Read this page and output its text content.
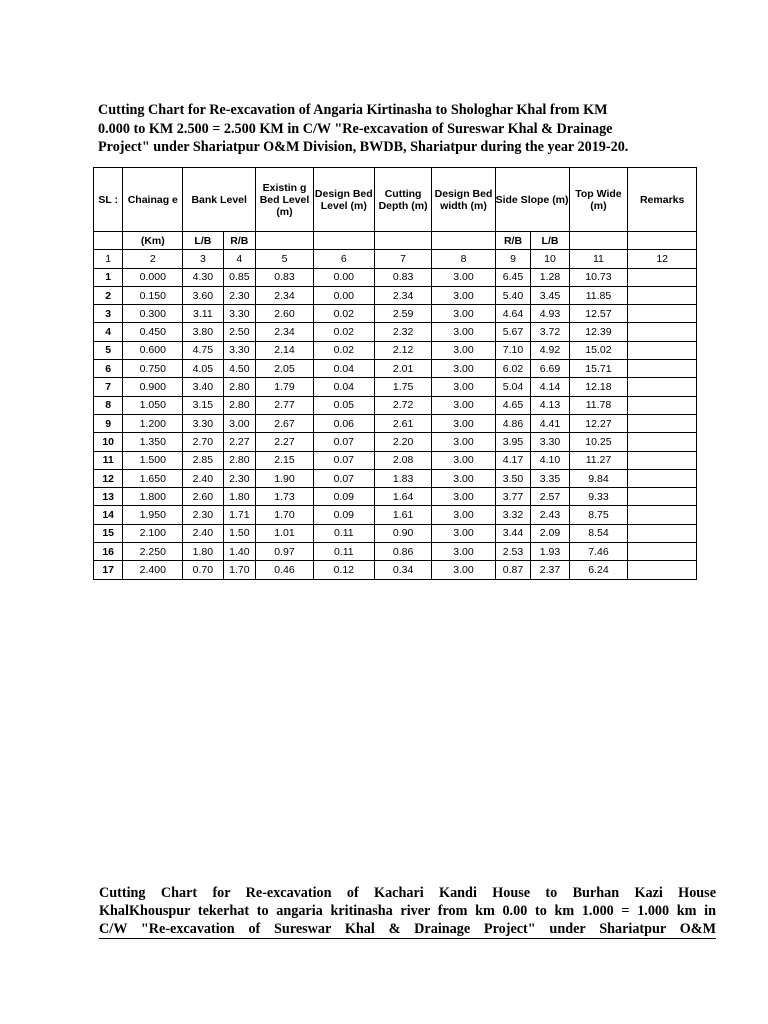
Cutting Chart for Re-excavation of Angaria Kirtinasha to Shologhar Khal from KM
0.000 to KM 2.500 = 2.500 KM in C/W "Re-excavation of Sureswar Khal & Drainage
Project" under Shariatpur O&M Division, BWDB, Shariatpur during the year 2019-20.
SL :	Chainag e	Bank Level		Existin g Bed Level (m)	Design Bed Level (m)	Cutting Depth (m)	Design Bed width (m)	Side Slope (m)		Top Wide (m)	Remarks
	(Km)	L/B	R/B					R/B	L/B		
1	2	3	4	5	6	7	8	9	10	11	12
1	0.000	4.30	0.85	0.83	0.00	0.83	3.00	6.45	1.28	10.73	
2	0.150	3.60	2.30	2.34	0.00	2.34	3.00	5.40	3.45	11.85	
3	0.300	3.11	3.30	2.60	0.02	2.59	3.00	4.64	4.93	12.57	
4	0.450	3.80	2.50	2.34	0.02	2.32	3.00	5.67	3.72	12.39	
5	0.600	4.75	3.30	2.14	0.02	2.12	3.00	7.10	4.92	15.02	
6	0.750	4.05	4.50	2.05	0.04	2.01	3.00	6.02	6.69	15.71	
7	0.900	3.40	2.80	1.79	0.04	1.75	3.00	5.04	4.14	12.18	
8	1.050	3.15	2.80	2.77	0.05	2.72	3.00	4.65	4.13	11.78	
9	1.200	3.30	3.00	2.67	0.06	2.61	3.00	4.86	4.41	12.27	
10	1.350	2.70	2.27	2.27	0.07	2.20	3.00	3.95	3.30	10.25	
11	1.500	2.85	2.80	2.15	0.07	2.08	3.00	4.17	4.10	11.27	
12	1.650	2.40	2.30	1.90	0.07	1.83	3.00	3.50	3.35	9.84	
13	1.800	2.60	1.80	1.73	0.09	1.64	3.00	3.77	2.57	9.33	
14	1.950	2.30	1.71	1.70	0.09	1.61	3.00	3.32	2.43	8.75	
15	2.100	2.40	1.50	1.01	0.11	0.90	3.00	3.44	2.09	8.54	
16	2.250	1.80	1.40	0.97	0.11	0.86	3.00	2.53	1.93	7.46	
17	2.400	0.70	1.70	0.46	0.12	0.34	3.00	0.87	2.37	6.24	
Cutting Chart for Re-excavation of Kachari Kandi House to Burhan Kazi House
KhalKhouspur tekerhat to angaria kritinasha river from km 0.00 to km 1.000 = 1.000 km in
C/W "Re-excavation of Sureswar Khal & Drainage Project" under Shariatpur O&M
